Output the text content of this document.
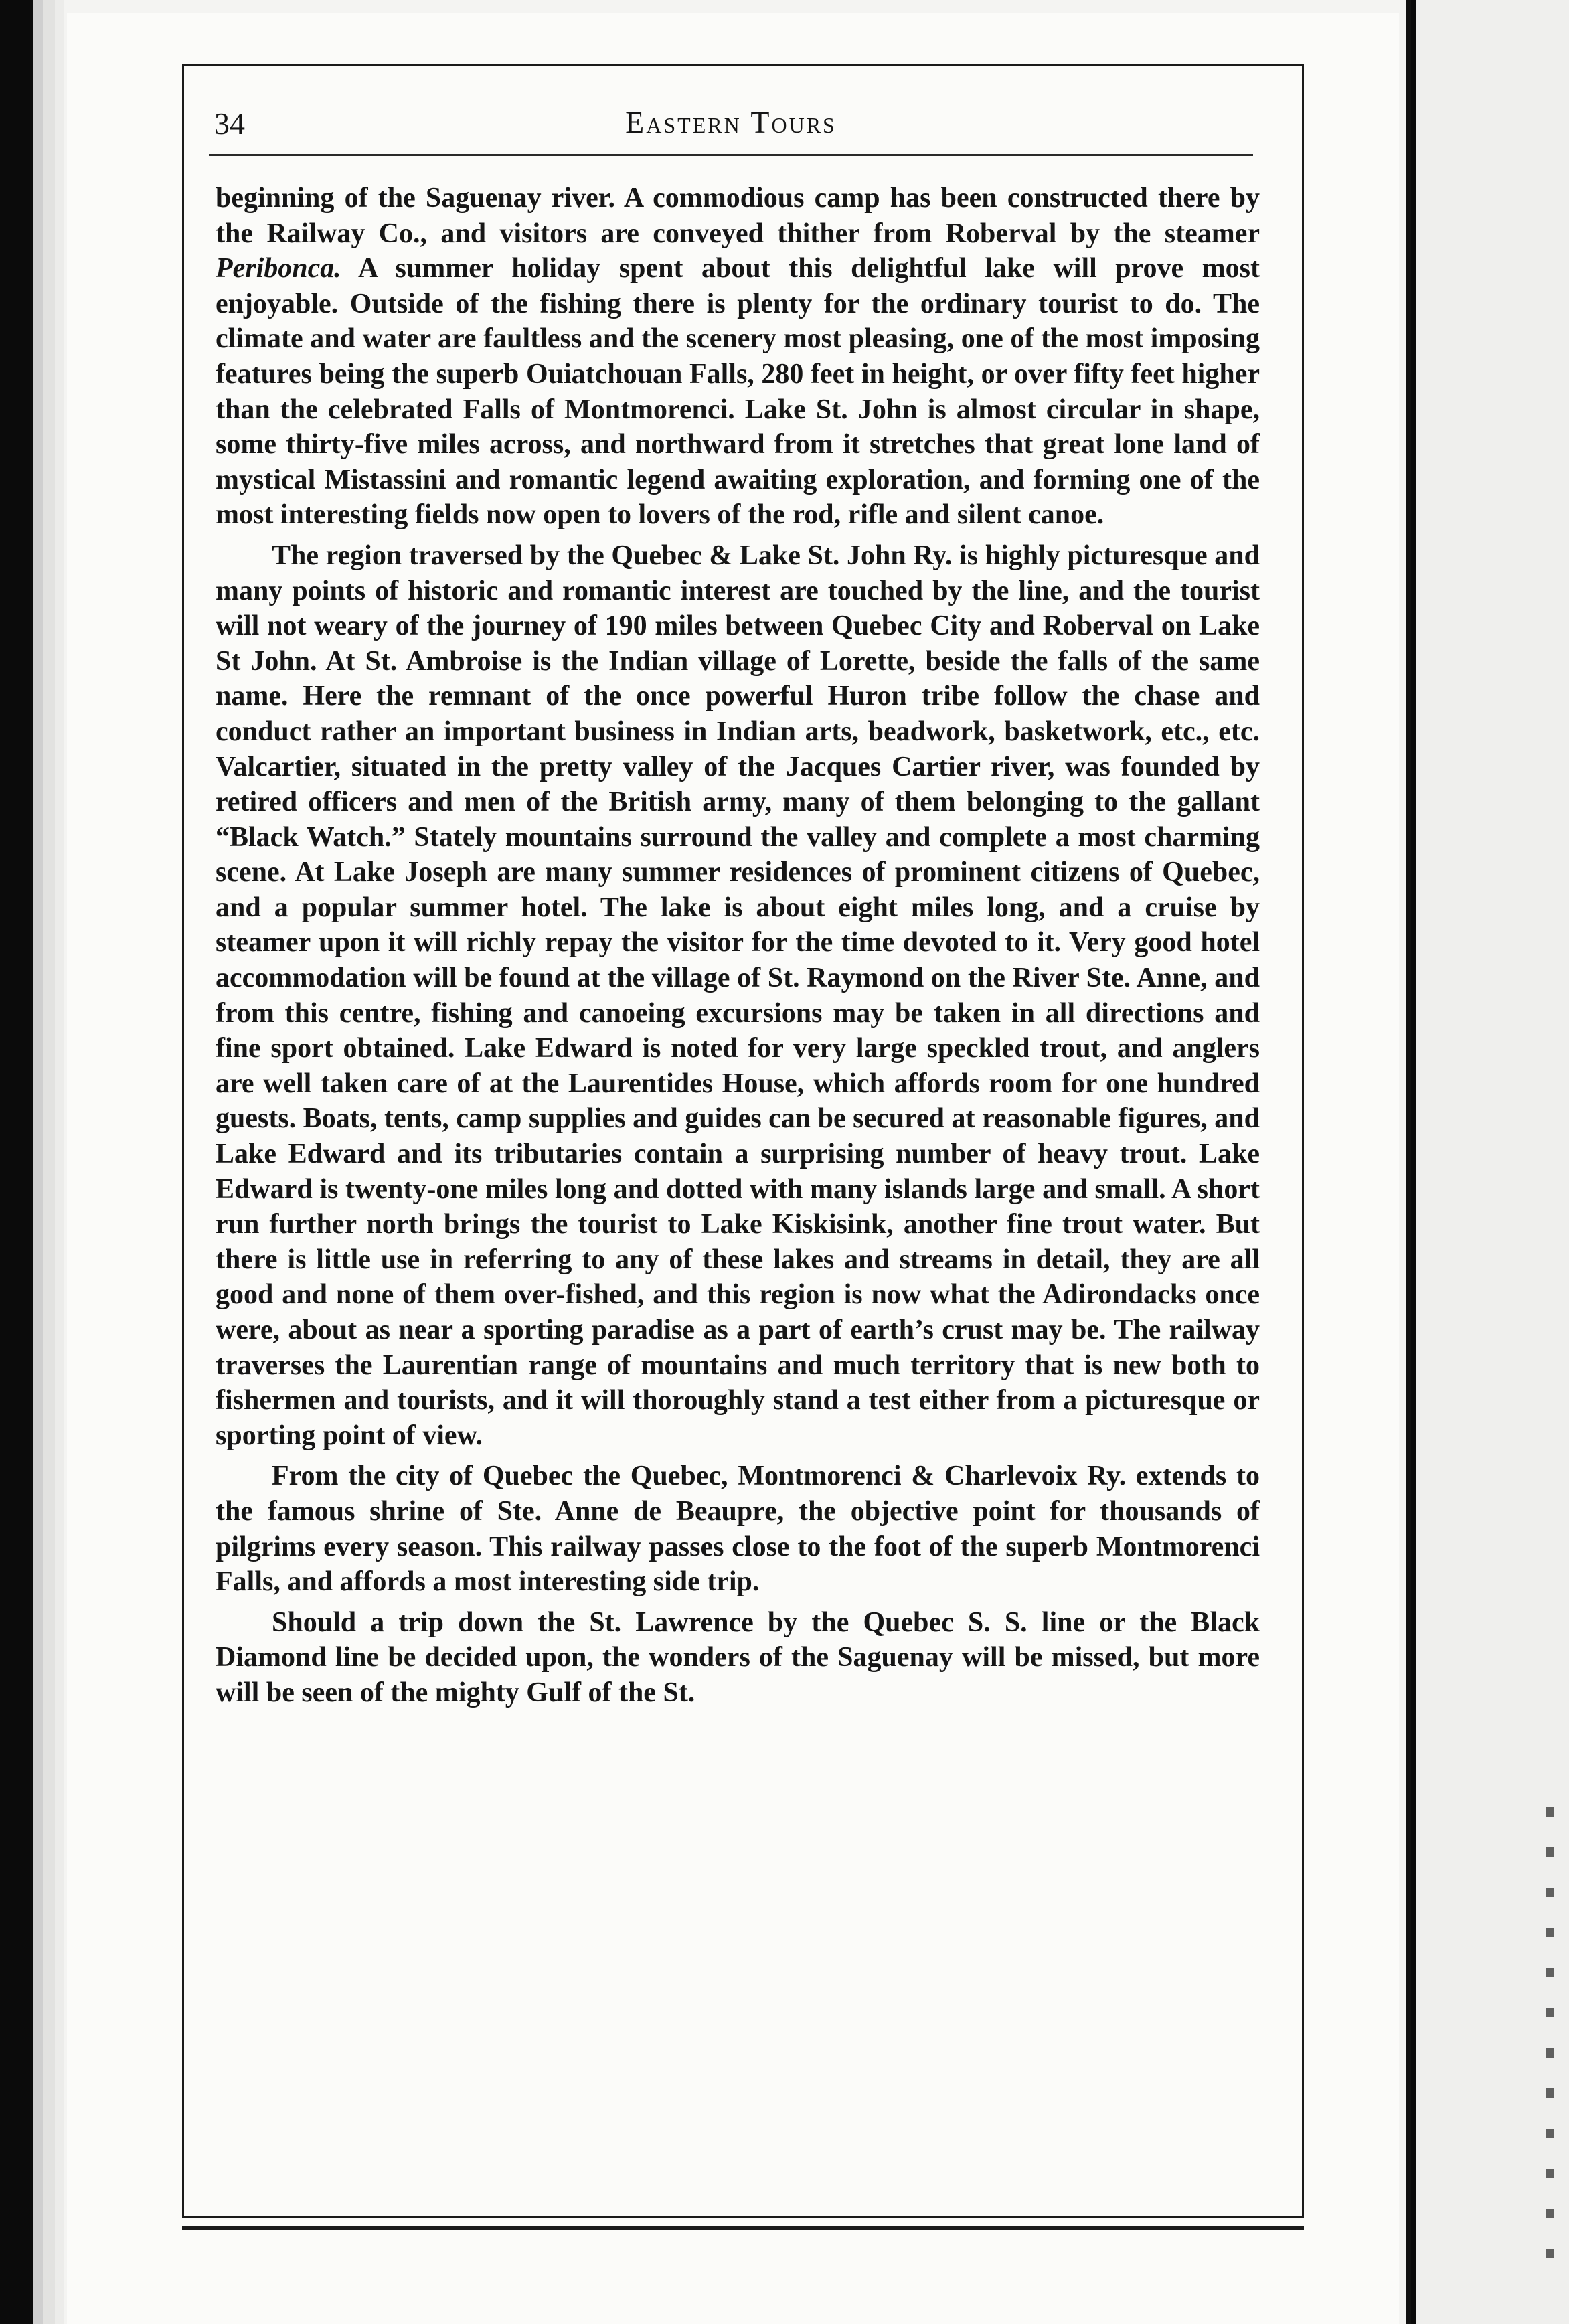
34	Eastern Tours

beginning of the Saguenay river. A commodious camp has been constructed there by the Railway Co., and visitors are conveyed thither from Roberval by the steamer Peribonca. A summer holiday spent about this delightful lake will prove most enjoyable. Outside of the fishing there is plenty for the ordinary tourist to do. The climate and water are faultless and the scenery most pleasing, one of the most imposing features being the superb Ouiatchouan Falls, 280 feet in height, or over fifty feet higher than the celebrated Falls of Montmorenci. Lake St. John is almost circular in shape, some thirty-five miles across, and northward from it stretches that great lone land of mystical Mistassini and romantic legend awaiting exploration, and forming one of the most interesting fields now open to lovers of the rod, rifle and silent canoe.

The region traversed by the Quebec & Lake St. John Ry. is highly picturesque and many points of historic and romantic interest are touched by the line, and the tourist will not weary of the journey of 190 miles between Quebec City and Roberval on Lake St John. At St. Ambroise is the Indian village of Lorette, beside the falls of the same name. Here the remnant of the once powerful Huron tribe follow the chase and conduct rather an important business in Indian arts, beadwork, basketwork, etc., etc. Valcartier, situated in the pretty valley of the Jacques Cartier river, was founded by retired officers and men of the British army, many of them belonging to the gallant “Black Watch.” Stately mountains surround the valley and complete a most charming scene. At Lake Joseph are many summer residences of prominent citizens of Quebec, and a popular summer hotel. The lake is about eight miles long, and a cruise by steamer upon it will richly repay the visitor for the time devoted to it. Very good hotel accommodation will be found at the village of St. Raymond on the River Ste. Anne, and from this centre, fishing and canoeing excursions may be taken in all directions and fine sport obtained. Lake Edward is noted for very large speckled trout, and anglers are well taken care of at the Laurentides House, which affords room for one hundred guests. Boats, tents, camp supplies and guides can be secured at reasonable figures, and Lake Edward and its tributaries contain a surprising number of heavy trout. Lake Edward is twenty-one miles long and dotted with many islands large and small. A short run further north brings the tourist to Lake Kiskisink, another fine trout water. But there is little use in referring to any of these lakes and streams in detail, they are all good and none of them over-fished, and this region is now what the Adirondacks once were, about as near a sporting paradise as a part of earth’s crust may be. The railway traverses the Laurentian range of mountains and much territory that is new both to fishermen and tourists, and it will thoroughly stand a test either from a picturesque or sporting point of view.

From the city of Quebec the Quebec, Montmorenci & Charlevoix Ry. extends to the famous shrine of Ste. Anne de Beaupre, the objective point for thousands of pilgrims every season. This railway passes close to the foot of the superb Montmorenci Falls, and affords a most interesting side trip.

Should a trip down the St. Lawrence by the Quebec S. S. line or the Black Diamond line be decided upon, the wonders of the Saguenay will be missed, but more will be seen of the mighty Gulf of the St.
